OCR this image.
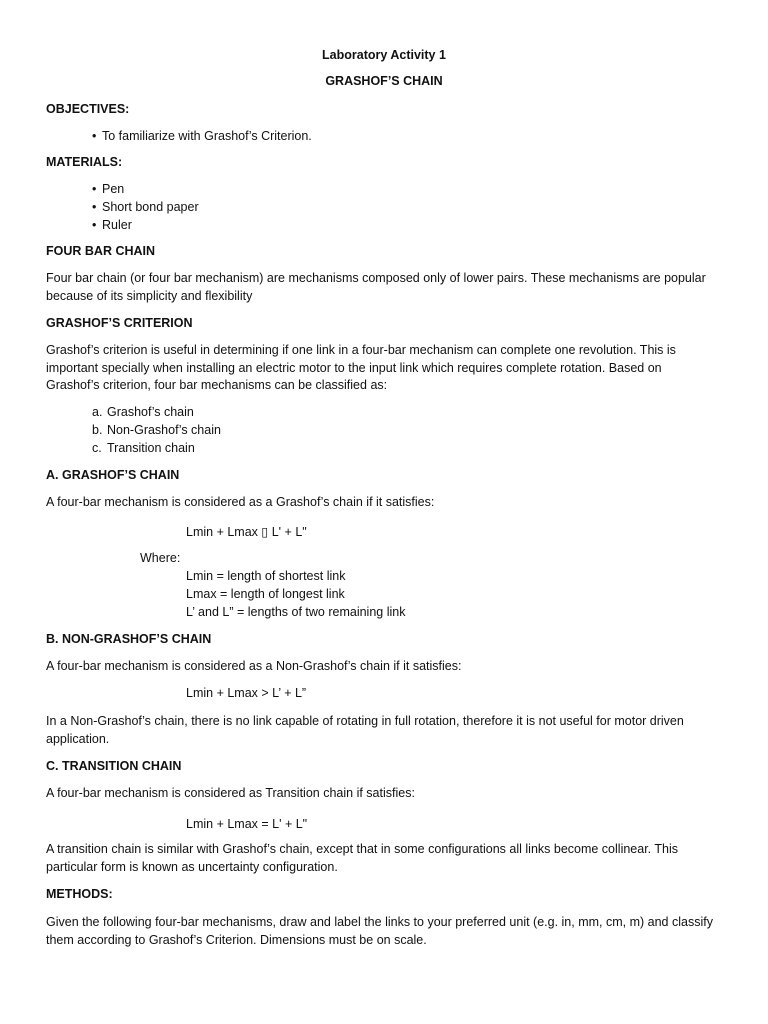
Laboratory Activity 1

GRASHOF’S CHAIN

OBJECTIVES:

• To familiarize with Grashof’s Criterion.

MATERIALS:

• Pen
• Short bond paper
• Ruler

FOUR BAR CHAIN

Four bar chain (or four bar mechanism) are mechanisms composed only of lower pairs. These mechanisms are popular because of its simplicity and flexibility

GRASHOF’S CRITERION

Grashof’s criterion is useful in determining if one link in a four-bar mechanism can complete one revolution. This is important specially when installing an electric motor to the input link which requires complete rotation. Based on Grashof’s criterion, four bar mechanisms can be classified as:

a. Grashof’s chain
b. Non-Grashof’s chain
c. Transition chain

A. GRASHOF’S CHAIN

A four-bar mechanism is considered as a Grashof’s chain if it satisfies:

Lmin + Lmax ▯ L' + L"

Where:

Lmin = length of shortest link
Lmax = length of longest link
L’ and L” = lengths of two remaining link

B. NON-GRASHOF’S CHAIN

A four-bar mechanism is considered as a Non-Grashof’s chain if it satisfies:

Lmin + Lmax > L’ + L”

In a Non-Grashof’s chain, there is no link capable of rotating in full rotation, therefore it is not useful for motor driven application.

C. TRANSITION CHAIN

A four-bar mechanism is considered as Transition chain if satisfies:

Lmin + Lmax = L' + L"

A transition chain is similar with Grashof’s chain, except that in some configurations all links become collinear. This particular form is known as uncertainty configuration.

METHODS:

Given the following four-bar mechanisms, draw and label the links to your preferred unit (e.g. in, mm, cm, m) and classify them according to Grashof’s Criterion. Dimensions must be on scale.
